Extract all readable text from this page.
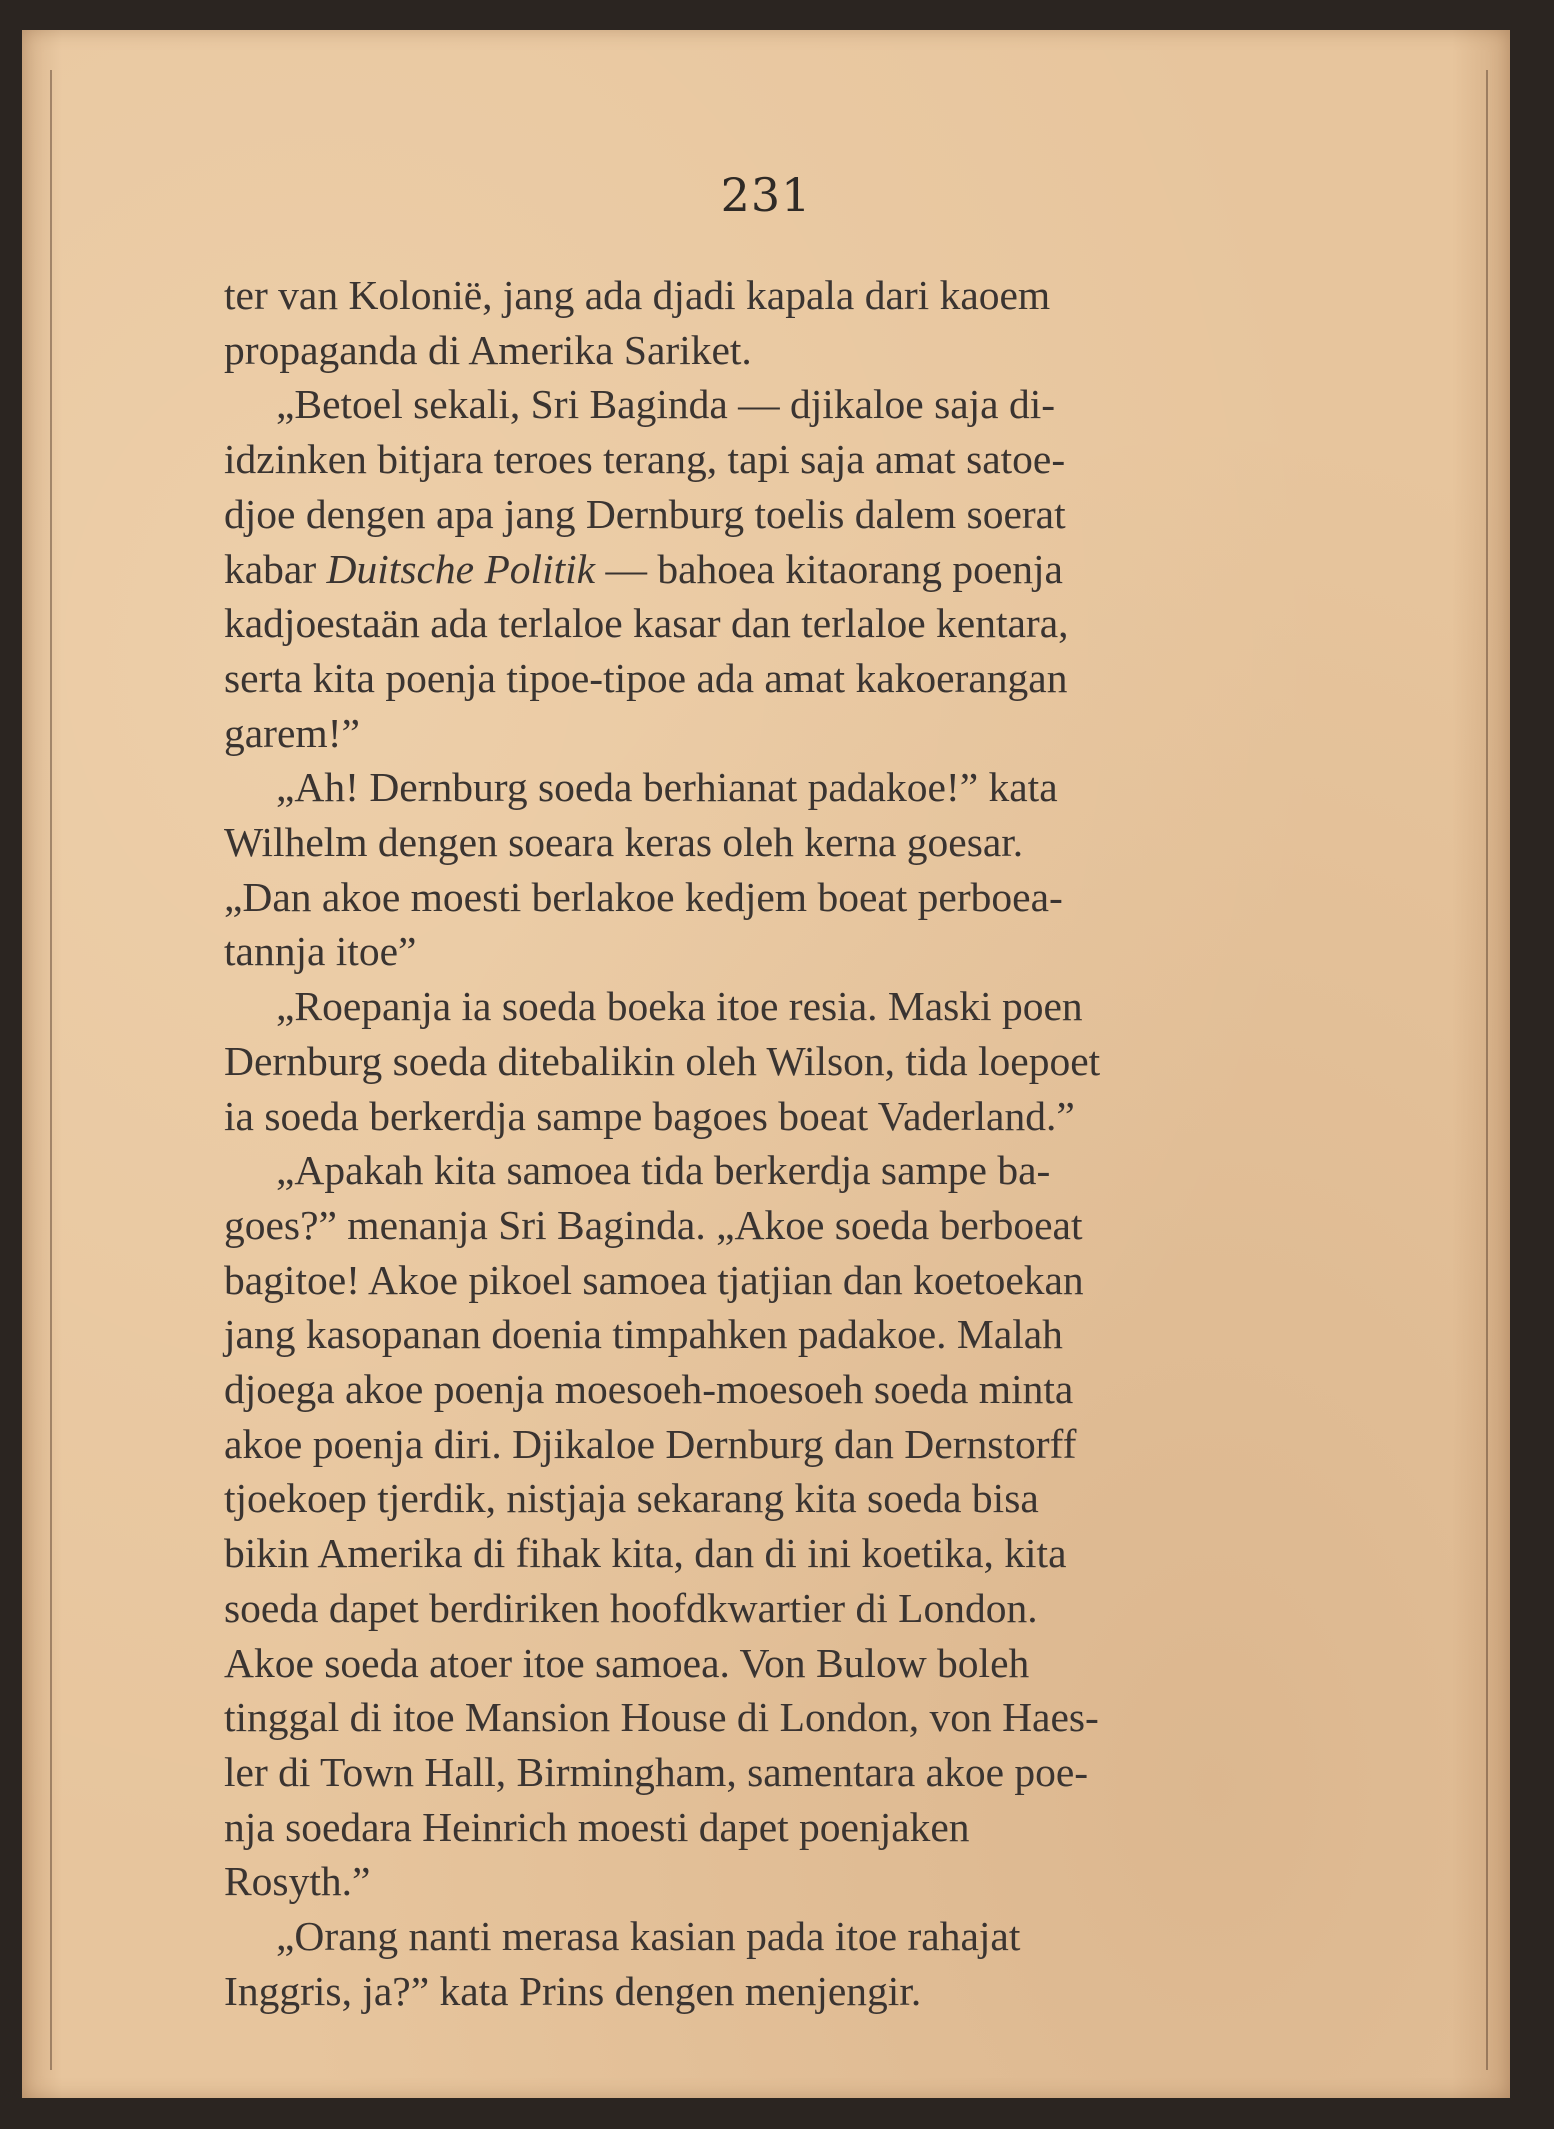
231

ter van Kolonië, jang ada djadi kapala dari kaoem
propaganda di Amerika Sariket.

„Betoel sekali, Sri Baginda — djikaloe saja di-
idzinken bitjara teroes terang, tapi saja amat satoe-
djoe dengen apa jang Dernburg toelis dalem soerat
kabar Duitsche Politik — bahoea kitaorang poenja
kadjoestaän ada terlaloe kasar dan terlaloe kentara,
serta kita poenja tipoe-tipoe ada amat kakoerangan
garem!”

„Ah! Dernburg soeda berhianat padakoe!” kata
Wilhelm dengen soeara keras oleh kerna goesar.
„Dan akoe moesti berlakoe kedjem boeat perboea-
tannja itoe”

„Roepanja ia soeda boeka itoe resia. Maski poen
Dernburg soeda ditebalikin oleh Wilson, tida loepoet
ia soeda berkerdja sampe bagoes boeat Vaderland.”

„Apakah kita samoea tida berkerdja sampe ba-
goes?” menanja Sri Baginda. „Akoe soeda berboeat
bagitoe! Akoe pikoel samoea tjatjian dan koetoekan
jang kasopanan doenia timpahken padakoe. Malah
djoega akoe poenja moesoeh-moesoeh soeda minta
akoe poenja diri. Djikaloe Dernburg dan Dernstorff
tjoekoep tjerdik, nistjaja sekarang kita soeda bisa
bikin Amerika di fihak kita, dan di ini koetika, kita
soeda dapet berdiriken hoofdkwartier di London.
Akoe soeda atoer itoe samoea. Von Bulow boleh
tinggal di itoe Mansion House di London, von Haes-
ler di Town Hall, Birmingham, samentara akoe poe-
nja soedara Heinrich moesti dapet poenjaken
Rosyth.”

„Orang nanti merasa kasian pada itoe rahajat
Inggris, ja?” kata Prins dengen menjengir.
